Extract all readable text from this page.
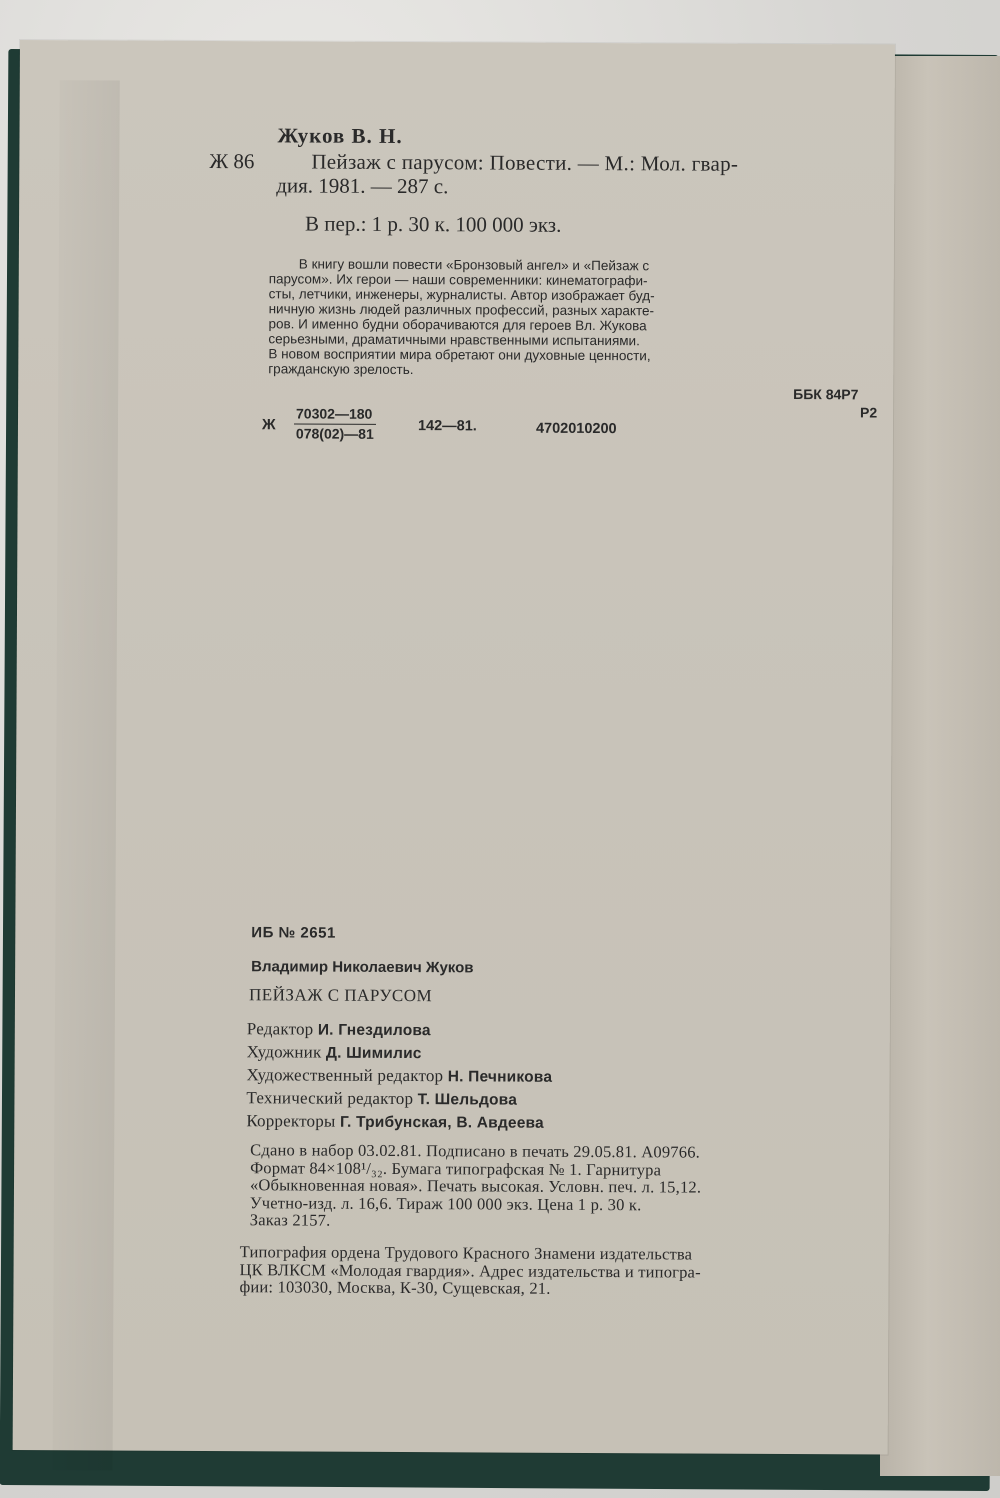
Жуков В. Н.

Ж 86	Пейзаж с парусом: Повести. — М.: Мол. гвар-

дия. 1981. — 287 с.

В пер.: 1 р. 30 к. 100 000 экз.

В книгу вошли повести «Бронзовый ангел» и «Пейзаж с
парусом». Их герои — наши современники: кинематографи-
сты, летчики, инженеры, журналисты. Автор изображает буд-
ничную жизнь людей различных профессий, разных характе-
ров. И именно будни оборачиваются для героев Вл. Жукова
серьезными, драматичными нравственными испытаниями.
В новом восприятии мира обретают они духовные ценности,
гражданскую зрелость.

ББК 84Р7

Р2

Ж $\frac{70302—180}{078(02)—81}$	142—81.	4702010200

ИБ № 2651

Владимир Николаевич Жуков

ПЕЙЗАЖ С ПАРУСОМ

Редактор И. Гнездилова
Художник Д. Шимилис
Художественный редактор Н. Печникова
Технический редактор Т. Шельдова
Корректоры Г. Трибунская, В. Авдеева
Сдано в набор 03.02.81. Подписано в печать 29.05.81. А09766.
Формат 84×108¹/₃₂. Бумага типографская № 1. Гарнитура
«Обыкновенная новая». Печать высокая. Условн. печ. л. 15,12.
Учетно-изд. л. 16,6. Тираж 100 000 экз. Цена 1 р. 30 к.
Заказ 2157.
Типография ордена Трудового Красного Знамени издательства
ЦК ВЛКСМ «Молодая гвардия». Адрес издательства и типогра-
фии: 103030, Москва, К-30, Сущевская, 21.
